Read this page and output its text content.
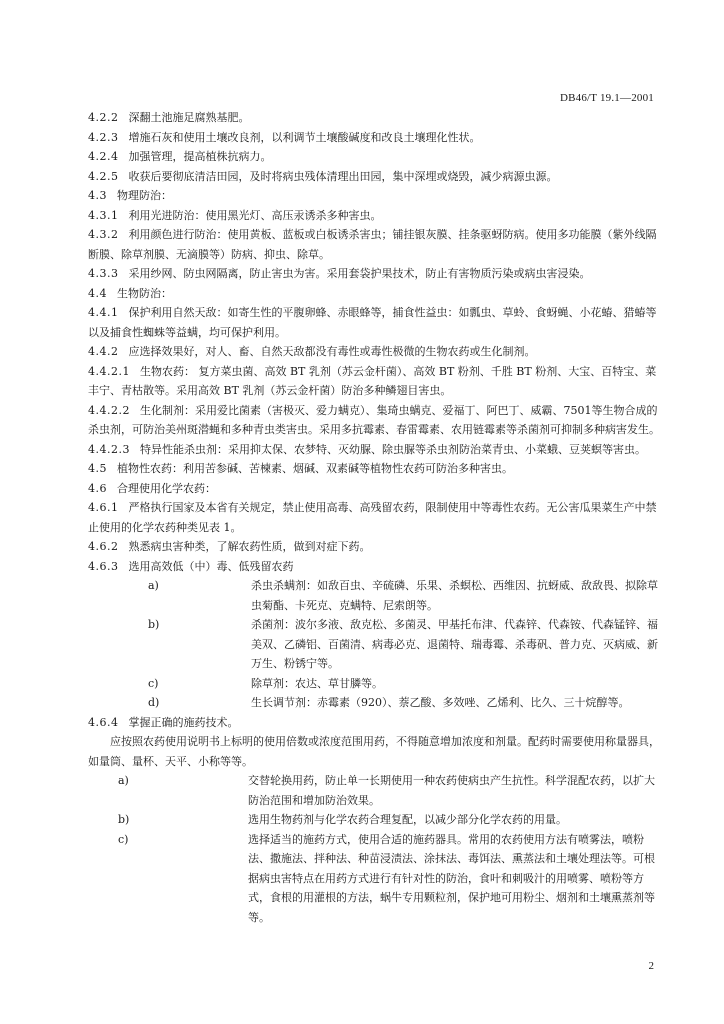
DB46/T 19.1—2001

4.2.2 深翻土池施足腐熟基肥。

4.2.3 增施石灰和使用土壤改良剂，以利调节土壤酸碱度和改良土壤理化性状。

4.2.4 加强管理，提高植株抗病力。

4.2.5 收获后要彻底清洁田园，及时将病虫残体清理出田园，集中深埋或烧毁，减少病源虫源。

4.3 物理防治：

4.3.1 利用光进防治：使用黑光灯、高压汞诱杀多种害虫。

4.3.2 利用颜色进行防治：使用黄板、蓝板或白板诱杀害虫；铺挂银灰膜、挂条驱蚜防病。使用多功能膜（紫外线隔断膜、除草剂膜、无滴膜等）防病、抑虫、除草。

4.3.3 采用纱网、防虫网隔离，防止害虫为害。采用套袋护果技术，防止有害物质污染或病虫害浸染。

4.4 生物防治：

4.4.1 保护利用自然天敌：如寄生性的平腹卵蜂、赤眼蜂等，捕食性益虫：如瓢虫、草蛉、食蚜蝇、小花蝽、猎蝽等以及捕食性蜘蛛等益螨，均可保护利用。

4.4.2 应选择效果好，对人、畜、自然天敌都没有毒性或毒性极微的生物农药或生化制剂。

4.4.2.1 生物农药： 复方菜虫菌、高效 BT 乳剂（苏云金杆菌）、高效 BT 粉剂、千胜 BT 粉剂、大宝、百特宝、菜丰宁、青枯散等。采用高效 BT 乳剂（苏云金杆菌）防治多种鳞翅目害虫。

4.4.2.2 生化制剂：采用爱比菌素（害极灭、爱力螨克）、集琦虫螨克、爱福丁、阿巴丁、威霸、7501等生物合成的杀虫剂，可防治美州斑潜蝇和多种青虫类害虫。采用多抗霉素、春雷霉素、农用链霉素等杀菌剂可抑制多种病害发生。

4.4.2.3 特异性能杀虫剂：采用抑太保、农梦特、灭幼脲、除虫脲等杀虫剂防治菜青虫、小菜蛾、豆荚螟等害虫。

4.5 植物性农药：利用苦参碱、苦楝素、烟碱、双素碱等植物性农药可防治多种害虫。

4.6 合理使用化学农药：

4.6.1 严格执行国家及本省有关规定，禁止使用高毒、高残留农药，限制使用中等毒性农药。无公害瓜果菜生产中禁止使用的化学农药种类见表 1。

4.6.2 熟悉病虫害种类，了解农药性质，做到对症下药。

4.6.3 选用高效低（中）毒、低残留农药

a)	杀虫杀螨剂：如敌百虫、辛硫磷、乐果、杀螟松、西维因、抗蚜威、敌敌畏、拟除草虫菊酯、卡死克、克螨特、尼索朗等。

b)	杀菌剂：波尔多液、敌克松、多菌灵、甲基托布津、代森锌、代森铵、代森锰锌、福美双、乙磷铝、百菌清、病毒必克、退菌特、瑞毒霉、杀毒矾、普力克、灭病威、新万生、粉锈宁等。

c)	除草剂：农达、草甘膦等。

d)	生长调节剂：赤霉素（920）、萘乙酸、多效唑、乙烯利、比久、三十烷醇等。

4.6.4 掌握正确的施药技术。

应按照农药使用说明书上标明的使用倍数或浓度范围用药，不得随意增加浓度和剂量。配药时需要使用称量器具，如量筒、量杯、天平、小称等等。

a)	交替轮换用药，防止单一长期使用一种农药使病虫产生抗性。科学混配农药，以扩大防治范围和增加防治效果。

b)	选用生物药剂与化学农药合理复配，以减少部分化学农药的用量。

c)	选择适当的施药方式，使用合适的施药器具。常用的农药使用方法有喷雾法，喷粉法、撒施法、拌种法、种苗浸渍法、涂抹法、毒饵法、熏蒸法和土壤处理法等。可根据病虫害特点在用药方式进行有针对性的防治，食叶和刺吸汁的用喷雾、喷粉等方式，食根的用灌根的方法，蜗牛专用颗粒剂，保护地可用粉尘、烟剂和土壤熏蒸剂等等。

2
